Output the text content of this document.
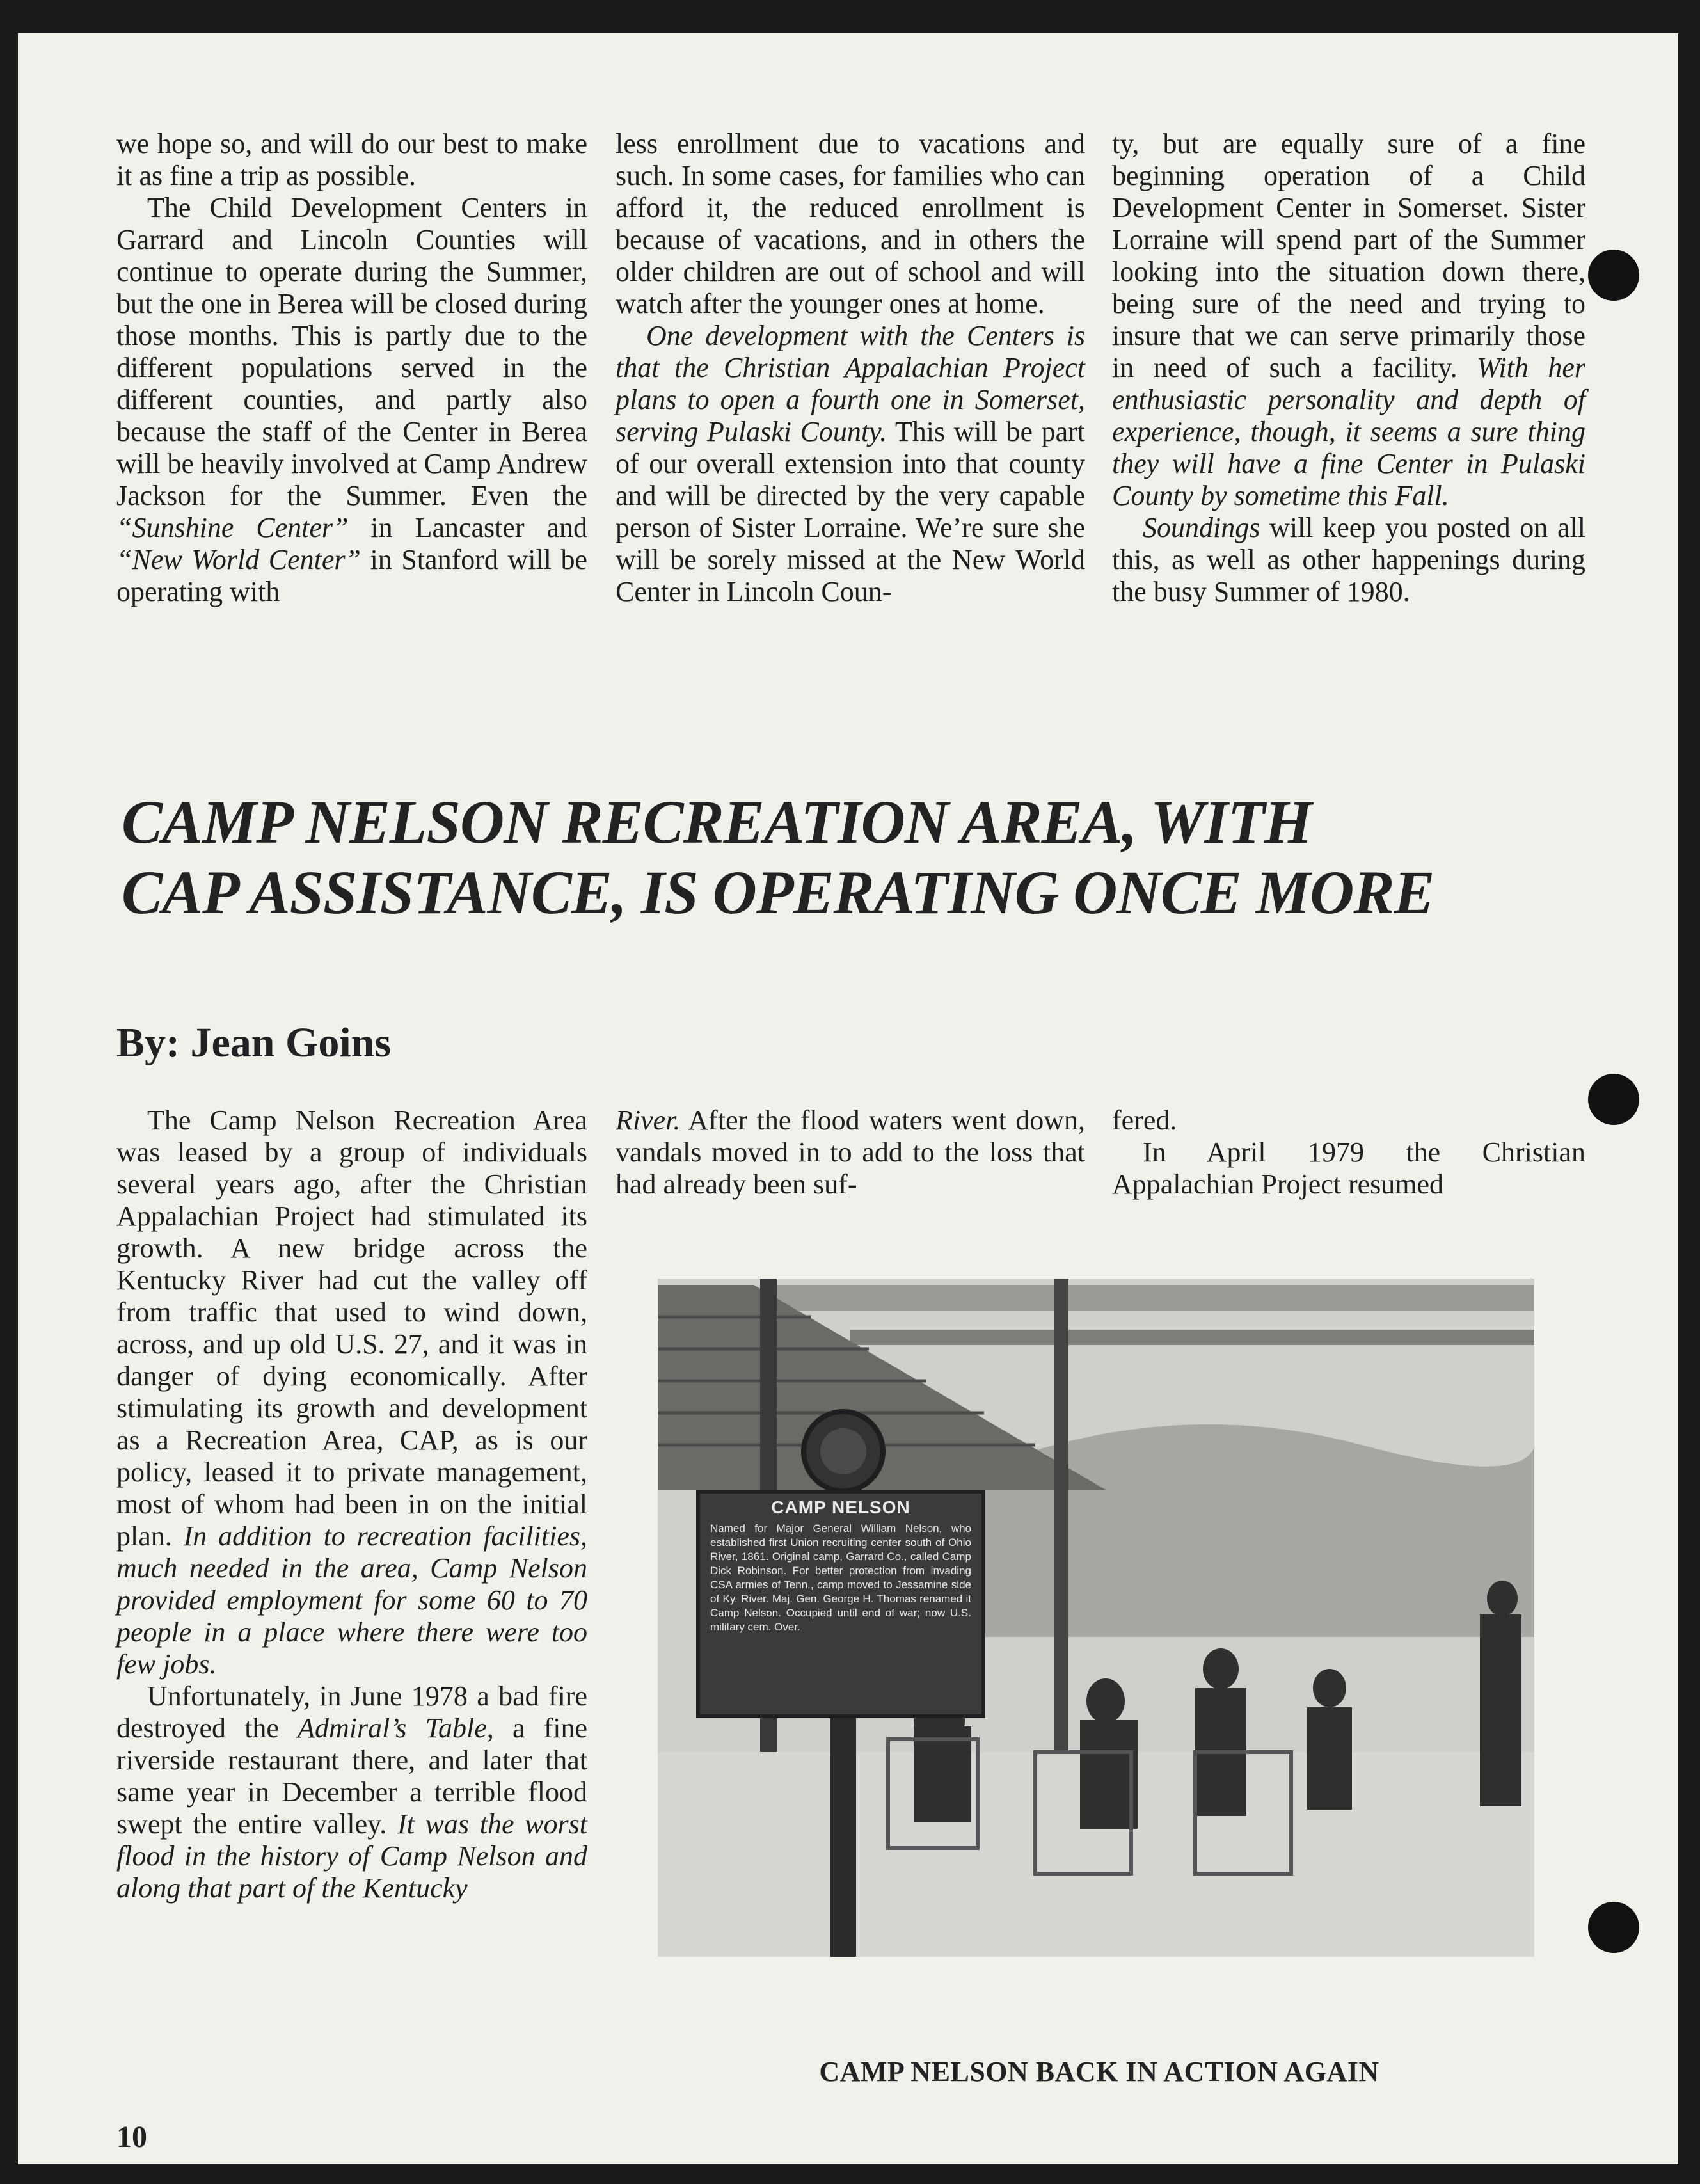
we hope so, and will do our best to make it as fine a trip as possible.

The Child Development Centers in Garrard and Lincoln Counties will continue to operate during the Summer, but the one in Berea will be closed during those months. This is partly due to the different populations served in the different counties, and partly also because the staff of the Center in Berea will be heavily involved at Camp Andrew Jackson for the Summer. Even the “Sunshine Center” in Lancaster and “New World Center” in Stanford will be operating with

less enrollment due to vacations and such. In some cases, for families who can afford it, the reduced enrollment is because of vacations, and in others the older children are out of school and will watch after the younger ones at home.

One development with the Centers is that the Christian Appalachian Project plans to open a fourth one in Somerset, serving Pulaski County. This will be part of our overall extension into that county and will be directed by the very capable person of Sister Lorraine. We’re sure she will be sorely missed at the New World Center in Lincoln Coun-

ty, but are equally sure of a fine beginning operation of a Child Development Center in Somerset. Sister Lorraine will spend part of the Summer looking into the situation down there, being sure of the need and trying to insure that we can serve primarily those in need of such a facility. With her enthusiastic personality and depth of experience, though, it seems a sure thing they will have a fine Center in Pulaski County by sometime this Fall.

Soundings will keep you posted on all this, as well as other happenings during the busy Summer of 1980.

CAMP NELSON RECREATION AREA, WITH
CAP ASSISTANCE, IS OPERATING ONCE MORE
By: Jean Goins

The Camp Nelson Recreation Area was leased by a group of individuals several years ago, after the Christian Appalachian Project had stimulated its growth. A new bridge across the Kentucky River had cut the valley off from traffic that used to wind down, across, and up old U.S. 27, and it was in danger of dying economically. After stimulating its growth and development as a Recreation Area, CAP, as is our policy, leased it to private management, most of whom had been in on the initial plan. In addition to recreation facilities, much needed in the area, Camp Nelson provided employment for some 60 to 70 people in a place where there were too few jobs.

Unfortunately, in June 1978 a bad fire destroyed the Admiral’s Table, a fine riverside restaurant there, and later that same year in December a terrible flood swept the entire valley. It was the worst flood in the history of Camp Nelson and along that part of the Kentucky

River. After the flood waters went down, vandals moved in to add to the loss that had already been suf-

fered.

In April 1979 the Christian Appalachian Project resumed

CAMP NELSON
Named for Major General William Nelson, who established first Union recruiting center south of Ohio River, 1861. Original camp, Garrard Co., called Camp Dick Robinson. For better protection from invading CSA armies of Tenn., camp moved to Jessamine side of Ky. River. Maj. Gen. George H. Thomas renamed it Camp Nelson. Occupied until end of war; now U.S. military cem. Over.
CAMP NELSON BACK IN ACTION AGAIN
10
